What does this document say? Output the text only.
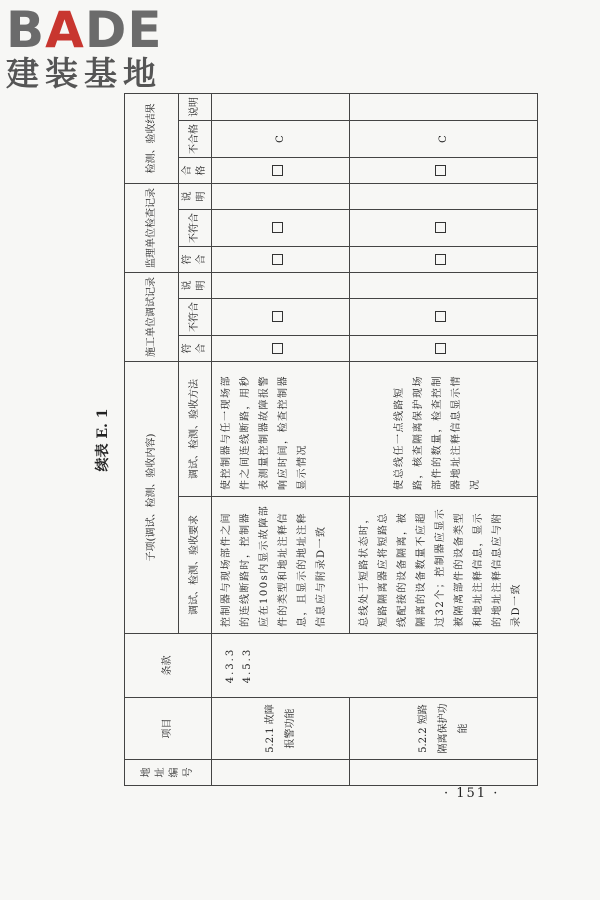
BADE
建装基地
续表 E. 1
地址编号	项目	条款	子项(调试、检测、验收内容)		施工单位调试记录			监理单位检查记录			检测、验收结果		
			调试、检测、验收要求	调试、检测、验收方法	符合	不符合	说明	符合	不符合	说明	合格	不合格	说明
	5.2.1 故障报警功能	4.3.3 4.5.3	控制器与现场部件之间的连线断路时，控制器应在100s内显示故障部件的类型和地址注释信息，且显示的地址注释信息应与附录D一致	使控制器与任一现场部件之间连线断路，用秒表测量控制器故障报警响应时间，检查控制器显示情况								C	
	5.2.2 短路隔离保护功能		总线处于短路状态时，短路隔离器应将短路总线配接的设备隔离，被隔离的设备数量不应超过32个；控制器应显示被隔离部件的设备类型和地址注释信息，显示的地址注释信息应与附录D一致	使总线任一点线路短路，核查隔离保护现场部件的数量，检查控制器地址注释信息显示情况								C	
· 151 ·
